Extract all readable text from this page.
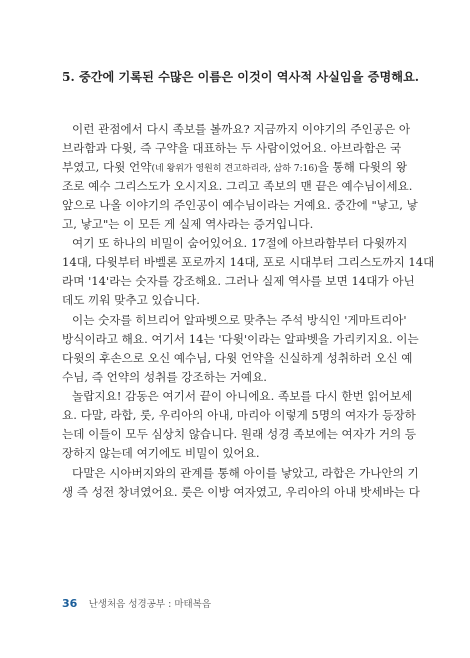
5. 중간에 기록된 수많은 이름은 이것이 역사적 사실임을 증명해요.
이런 관점에서 다시 족보를 볼까요? 지금까지 이야기의 주인공은 아
브라함과 다윗, 즉 구약을 대표하는 두 사람이었어요. 아브라함은 국
부였고, 다윗 언약(네 왕위가 영원히 견고하리라, 삼하 7:16)을 통해 다윗의 왕
조로 예수 그리스도가 오시지요. 그리고 족보의 맨 끝은 예수님이세요.
앞으로 나올 이야기의 주인공이 예수님이라는 거예요. 중간에 "낳고, 낳
고, 낳고"는 이 모든 게 실제 역사라는 증거입니다.
여기 또 하나의 비밀이 숨어있어요. 17절에 아브라함부터 다윗까지
14대, 다윗부터 바벨론 포로까지 14대, 포로 시대부터 그리스도까지 14대
라며 '14'라는 숫자를 강조해요. 그러나 실제 역사를 보면 14대가 아닌
데도 끼워 맞추고 있습니다.
이는 숫자를 히브리어 알파벳으로 맞추는 주석 방식인 '게마트리아'
방식이라고 해요. 여기서 14는 '다윗'이라는 알파벳을 가리키지요. 이는
다윗의 후손으로 오신 예수님, 다윗 언약을 신실하게 성취하러 오신 예
수님, 즉 언약의 성취를 강조하는 거예요.
놀랍지요! 감동은 여기서 끝이 아니에요. 족보를 다시 한번 읽어보세
요. 다말, 라합, 룻, 우리아의 아내, 마리아 이렇게 5명의 여자가 등장하
는데 이들이 모두 심상치 않습니다. 원래 성경 족보에는 여자가 거의 등
장하지 않는데 여기에도 비밀이 있어요.
다말은 시아버지와의 관계를 통해 아이를 낳았고, 라합은 가나안의 기
생 즉 성전 창녀였어요. 룻은 이방 여자였고, 우리아의 아내 밧세바는 다
36 난생처음 성경공부 : 마태복음
